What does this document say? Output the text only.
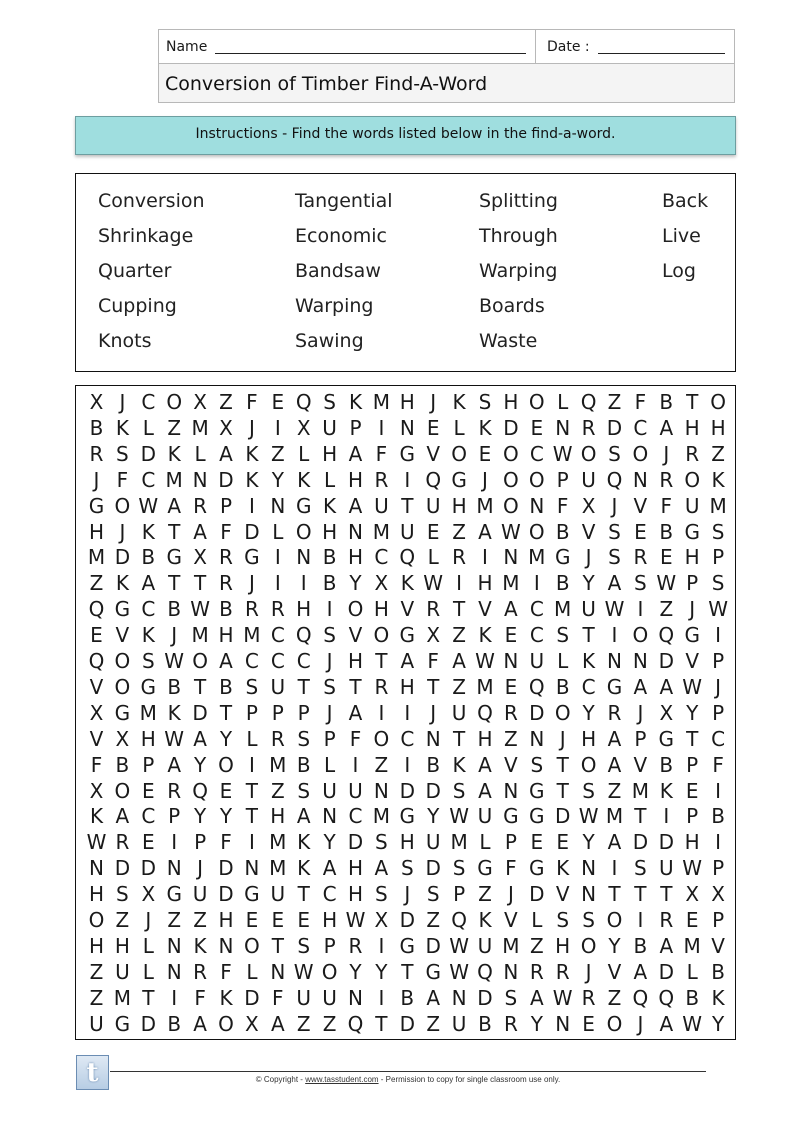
Name	Date :
Conversion of Timber Find-A-Word
Instructions - Find the words listed below in the find-a-word.
Conversion
Shrinkage
Quarter
Cupping
Knots
Tangential
Economic
Bandsaw
Warping
Sawing
Splitting
Through
Warping
Boards
Waste
Back
Live
Log
X J C O X Z F E Q S K M H J K S H O L Q Z F B T O
B K L Z M X J	I X U P I N E L K D E N R D C A H H
R S D K L A K Z L H A F G V O E O C W O S O J R Z
J F C M N D K Y K L H R I Q G J O O P U Q N R O K
G O W A R P I N G K A U T U H M O N F X J V F U M
H J K T A F D L O H N M U E Z A W O B V S E B G S
M D B G X R G I N B H C Q L R I N M G J S R E H P
Z K A T T R J	I I B Y X K W I H M I B Y A S W P S
Q G C B W B R R H I O H V R T V A C M U W I Z J W
E V K J M H M C Q S V O G X Z K E C S T I O Q G I
Q O S W O A C C C J H T A F A W N U L K N N D V P
V O G B T B S U T S T R H T Z M E Q B C G A A W J
X G M K D T P P P J A I	I J U Q R D O Y R J X Y P
V X H W A Y L R S P F O C N T H Z N J H A P G T C
F B P A Y O I M B L I Z I B K A V S T O A V B P F
X O E R Q E T Z S U U N D D S A N G T S Z M K E I
K A C P Y Y T H A N C M G Y W U G G D W M T I P B
W R E I P F I M K Y D S H U M L P E E Y A D D H I
N D D N J D N M K A H A S D S G F G K N I S U W P
H S X G U D G U T C H S J S P Z J D V N T T T X X
O Z J Z Z H E E E H W X D Z Q K V L S S O I R E P
H H L N K N O T S P R I G D W U M Z H O Y B A M V
Z U L N R F L N W O Y Y T G W Q N R R J V A D L B
Z M T I F K D F U U N I B A N D S A W R Z Q Q B K
U G D B A O X A Z Z Q T D Z U B R Y N E O J A W Y
t	© Copyright - www.tasstudent.com - Permission to copy for single classroom use only.
